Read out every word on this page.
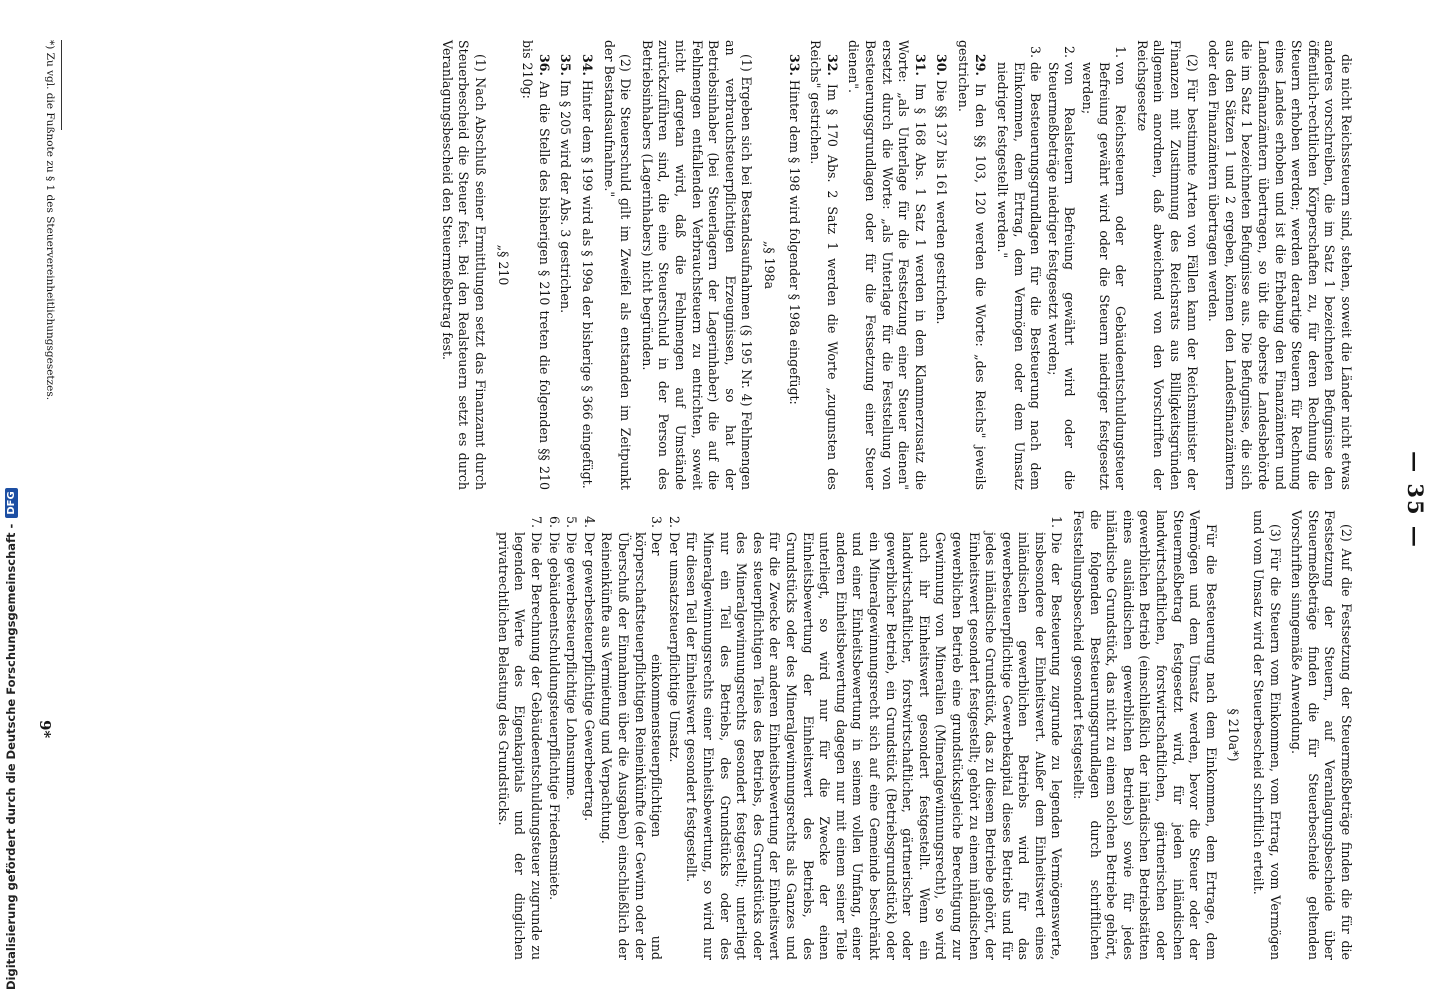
— 35 —

die nicht Reichssteuern sind, stehen, soweit die Länder nicht etwas anderes vorschreiben, die im Satz 1 bezeichneten Befugnisse den öffentlich-rechtlichen Körperschaften zu, für deren Rechnung die Steuern erhoben werden; werden derartige Steuern für Rechnung eines Landes erhoben und ist die Erhebung den Finanzämtern und Landesfinanzämtern übertragen, so übt die oberste Landesbehörde die im Satz 1 bezeichneten Befugnisse aus. Die Befugnisse, die sich aus den Sätzen 1 und 2 ergeben, können den Landesfinanzämtern oder den Finanzämtern übertragen werden.

(2) Für bestimmte Arten von Fällen kann der Reichsminister der Finanzen mit Zustimmung des Reichsrats aus Billigkeitsgründen allgemein anordnen, daß abweichend von den Vorschriften der Reichsgesetze

1. von Reichssteuern oder der Gebäudeentschuldungsteuer Befreiung gewährt wird oder die Steuern niedriger festgesetzt werden;
2. von Realsteuern Befreiung gewährt wird oder die Steuermeßbeträge niedriger festgesetzt werden;
3. die Besteuerungsgrundlagen für die Besteuerung nach dem Einkommen, dem Ertrag, dem Vermögen oder dem Umsatz niedriger festgestellt werden."

29. In den §§ 103, 120 werden die Worte: „des Reichs" jeweils gestrichen.

30. Die §§ 137 bis 161 werden gestrichen.

31. Im § 168 Abs. 1 Satz 1 werden in dem Klammerzusatz die Worte: „als Unterlage für die Festsetzung einer Steuer dienen" ersetzt durch die Worte: „als Unterlage für die Feststellung von Besteuerungsgrundlagen oder für die Festsetzung einer Steuer dienen".

32. Im § 170 Abs. 2 Satz 1 werden die Worte „zugunsten des Reichs" gestrichen.

33. Hinter dem § 198 wird folgender § 198a eingefügt:

„§ 198a

(1) Ergeben sich bei Bestandsaufnahmen (§ 195 Nr. 4) Fehlmengen an verbrauchsteuerpflichtigen Erzeugnissen, so hat der Betriebsinhaber (bei Steuerlagern der Lagerinhaber) die auf die Fehlmengen entfallenden Verbrauchsteuern zu entrichten, soweit nicht dargetan wird, daß die Fehlmengen auf Umstände zurückzuführen sind, die eine Steuerschuld in der Person des Betriebsinhabers (Lagerinhabers) nicht begründen.

(2) Die Steuerschuld gilt im Zweifel als entstanden im Zeitpunkt der Bestandsaufnahme."

34. Hinter dem § 199 wird als § 199a der bisherige § 366 eingefügt.

35. Im § 205 wird der Abs. 3 gestrichen.

36. An die Stelle des bisherigen § 210 treten die folgenden §§ 210 bis 210g:

„§ 210

(1) Nach Abschluß seiner Ermittlungen setzt das Finanzamt durch Steuerbescheid die Steuer fest. Bei den Realsteuern setzt es durch Veranlagungsbescheid den Steuermeßbetrag fest.

(2) Auf die Festsetzung der Steuermeßbeträge finden die für die Festsetzung der Steuern, auf Veranlagungsbescheide über Steuermeßbeträge finden die für Steuerbescheide geltenden Vorschriften sinngemäße Anwendung.

(3) Für die Steuern vom Einkommen, vom Ertrag, vom Vermögen und vom Umsatz wird der Steuerbescheid schriftlich erteilt.

§ 210a*)

Für die Besteuerung nach dem Einkommen, dem Ertrage, dem Vermögen und dem Umsatz werden, bevor die Steuer oder der Steuermeßbetrag festgesetzt wird, für jeden inländischen landwirtschaftlichen, forstwirtschaftlichen, gärtnerischen oder gewerblichen Betrieb (einschließlich der inländischen Betriebstätten eines ausländischen gewerblichen Betriebs) sowie für jedes inländische Grundstück, das nicht zu einem solchen Betriebe gehört, die folgenden Besteuerungsgrundlagen durch schriftlichen Feststellungsbescheid gesondert festgestellt:

1. Die der Besteuerung zugrunde zu legenden Vermögenswerte, insbesondere der Einheitswert. Außer dem Einheitswert eines inländischen gewerblichen Betriebs wird für das gewerbesteuerpflichtige Gewerbekapital dieses Betriebs und für jedes inländische Grundstück, das zu diesem Betriebe gehört, der Einheitswert gesondert festgestellt; gehört zu einem inländischen gewerblichen Betrieb eine grundstücksgleiche Berechtigung zur Gewinnung von Mineralien (Mineralgewinnungsrecht), so wird auch ihr Einheitswert gesondert festgestellt. Wenn ein landwirtschaftlicher, forstwirtschaftlicher, gärtnerischer oder gewerblicher Betrieb, ein Grundstück (Betriebsgrundstück) oder ein Mineralgewinnungsrecht sich auf eine Gemeinde beschränkt und einer Einheitsbewertung in seinem vollen Umfang, einer anderen Einheitsbewertung dagegen nur mit einem seiner Teile unterliegt, so wird nur für die Zwecke der einen Einheitsbewertung der Einheitswert des Betriebs, des Grundstücks oder des Mineralgewinnungsrechts als Ganzes und für die Zwecke der anderen Einheitsbewertung der Einheitswert des steuerpflichtigen Teiles des Betriebs, des Grundstücks oder des Mineralgewinnungsrechts gesondert festgestellt; unterliegt nur ein Teil des Betriebs, des Grundstücks oder des Mineralgewinnungsrechts einer Einheitsbewertung, so wird nur für diesen Teil der Einheitswert gesondert festgestellt.
2. Der umsatzsteuerpflichtige Umsatz.
3. Der einkommensteuerpflichtigen und körperschaftsteuerpflichtigen Reineinkünfte (der Gewinn oder der Überschuß der Einnahmen über die Ausgaben) einschließlich der Reineinkünfte aus Vermietung und Verpachtung.
4. Der gewerbesteuerpflichtige Gewerbeertrag.
5. Die gewerbesteuerpflichtige Lohnsumme.
6. Die gebäudeentschuldungsteuerpflichtige Friedensmiete.
7. Die der Berechnung der Gebäudeentschuldungsteuer zugrunde zu legenden Werte des Eigenkapitals und der dinglichen privatrechtlichen Belastung des Grundstücks.
*) Zu vgl. die Fußnote zu § 1 des Steuervereinheitlichungsgesetzes.
9*
Digitalisierung gefördert durch die Deutsche Forschungsgemeinschaft -
DFG
